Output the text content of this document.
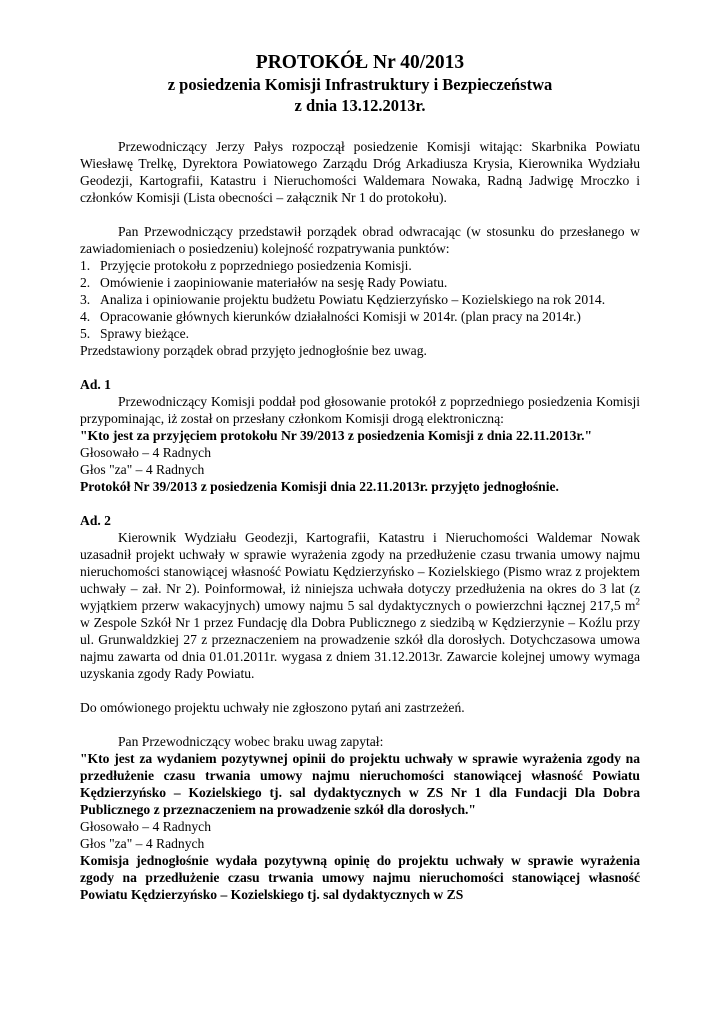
PROTOKÓŁ Nr 40/2013
z posiedzenia Komisji Infrastruktury i Bezpieczeństwa
z dnia 13.12.2013r.

Przewodniczący Jerzy Pałys rozpoczął posiedzenie Komisji witając: Skarbnika Powiatu Wiesławę Trelkę, Dyrektora Powiatowego Zarządu Dróg Arkadiusza Krysia, Kierownika Wydziału Geodezji, Kartografii, Katastru i Nieruchomości Waldemara Nowaka, Radną Jadwigę Mroczko i członków Komisji (Lista obecności – załącznik Nr 1 do protokołu).

Pan Przewodniczący przedstawił porządek obrad odwracając (w stosunku do przesłanego w zawiadomieniach o posiedzeniu) kolejność rozpatrywania punktów:

1. Przyjęcie protokołu z poprzedniego posiedzenia Komisji.
2. Omówienie i zaopiniowanie materiałów na sesję Rady Powiatu.
3. Analiza i opiniowanie projektu budżetu Powiatu Kędzierzyńsko – Kozielskiego na rok 2014.
4. Opracowanie głównych kierunków działalności Komisji w 2014r. (plan pracy na 2014r.)
5. Sprawy bieżące.

Przedstawiony porządek obrad przyjęto jednogłośnie bez uwag.

Ad. 1

Przewodniczący Komisji poddał pod głosowanie protokół z poprzedniego posiedzenia Komisji przypominając, iż został on przesłany członkom Komisji drogą elektroniczną:

"Kto jest za przyjęciem protokołu Nr 39/2013 z posiedzenia Komisji z dnia 22.11.2013r."

Głosowało – 4 Radnych

Głos "za" – 4 Radnych

Protokół Nr 39/2013 z posiedzenia Komisji dnia 22.11.2013r. przyjęto jednogłośnie.

Ad. 2

Kierownik Wydziału Geodezji, Kartografii, Katastru i Nieruchomości Waldemar Nowak uzasadnił projekt uchwały w sprawie wyrażenia zgody na przedłużenie czasu trwania umowy najmu nieruchomości stanowiącej własność Powiatu Kędzierzyńsko – Kozielskiego (Pismo wraz z projektem uchwały – zał. Nr 2). Poinformował, iż niniejsza uchwała dotyczy przedłużenia na okres do 3 lat (z wyjątkiem przerw wakacyjnych) umowy najmu 5 sal dydaktycznych o powierzchni łącznej 217,5 $m^2$ w Zespole Szkół Nr 1 przez Fundację dla Dobra Publicznego z siedzibą w Kędzierzynie – Koźlu przy ul. Grunwaldzkiej 27 z przeznaczeniem na prowadzenie szkół dla dorosłych. Dotychczasowa umowa najmu zawarta od dnia 01.01.2011r. wygasa z dniem 31.12.2013r. Zawarcie kolejnej umowy wymaga uzyskania zgody Rady Powiatu.

Do omówionego projektu uchwały nie zgłoszono pytań ani zastrzeżeń.

Pan Przewodniczący wobec braku uwag zapytał:

"Kto jest za wydaniem pozytywnej opinii do projektu uchwały w sprawie wyrażenia zgody na przedłużenie czasu trwania umowy najmu nieruchomości stanowiącej własność Powiatu Kędzierzyńsko – Kozielskiego tj. sal dydaktycznych w ZS Nr 1 dla Fundacji Dla Dobra Publicznego z przeznaczeniem na prowadzenie szkół dla dorosłych."

Głosowało – 4 Radnych

Głos "za" – 4 Radnych

Komisja jednogłośnie wydała pozytywną opinię do projektu uchwały w sprawie wyrażenia zgody na przedłużenie czasu trwania umowy najmu nieruchomości stanowiącej własność Powiatu Kędzierzyńsko – Kozielskiego tj. sal dydaktycznych w ZS
